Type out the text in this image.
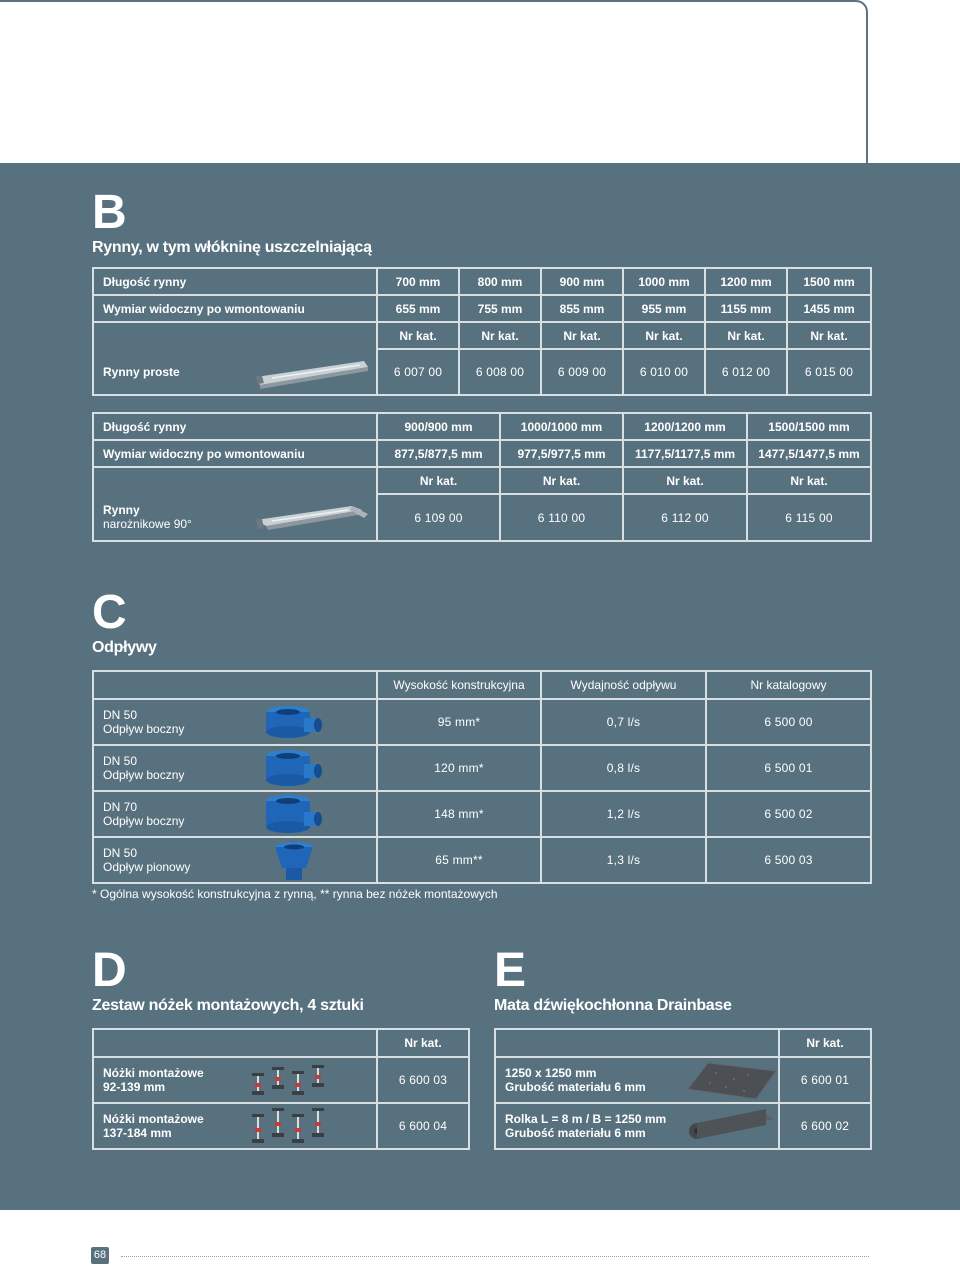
B
Rynny, w tym włókninę uszczelniającą
Długość rynny	700 mm	800 mm	900 mm	1000 mm	1200 mm	1500 mm
Wymiar widoczny po wmontowaniu	655 mm	755 mm	855 mm	955 mm	1155 mm	1455 mm
	Nr kat.	Nr kat.	Nr kat.	Nr kat.	Nr kat.	Nr kat.
Rynny proste	6 007 00	6 008 00	6 009 00	6 010 00	6 012 00	6 015 00
Długość rynny	900/900 mm	1000/1000 mm	1200/1200 mm	1500/1500 mm
Wymiar widoczny po wmontowaniu	877,5/877,5 mm	977,5/977,5 mm	1177,5/1177,5 mm	1477,5/1477,5 mm
	Nr kat.	Nr kat.	Nr kat.	Nr kat.

Rynny
narożnikowe 90°	6 109 00	6 110 00	6 112 00	6 115 00
C
Odpływy
	Wysokość konstrukcyjna	Wydajność odpływu	Nr katalogowy

DN 50
Odpływ boczny	95 mm*	0,7 l/s	6 500 00

DN 50
Odpływ boczny	120 mm*	0,8 l/s	6 500 01

DN 70
Odpływ boczny	148 mm*	1,2 l/s	6 500 02

DN 50
Odpływ pionowy	65 mm**	1,3 l/s	6 500 03
* Ogólna wysokość konstrukcyjna z rynną, ** rynna bez nóżek montażowych
D
Zestaw nóżek montażowych, 4 sztuki
	Nr kat.

Nóżki montażowe
92-139 mm	6 600 03

Nóżki montażowe
137-184 mm	6 600 04
E
Mata dźwiękochłonna Drainbase
	Nr kat.

1250 x 1250 mm
Grubość materiału 6 mm	6 600 01

Rolka L = 8 m / B = 1250 mm
Grubość materiału 6 mm	6 600 02
68
